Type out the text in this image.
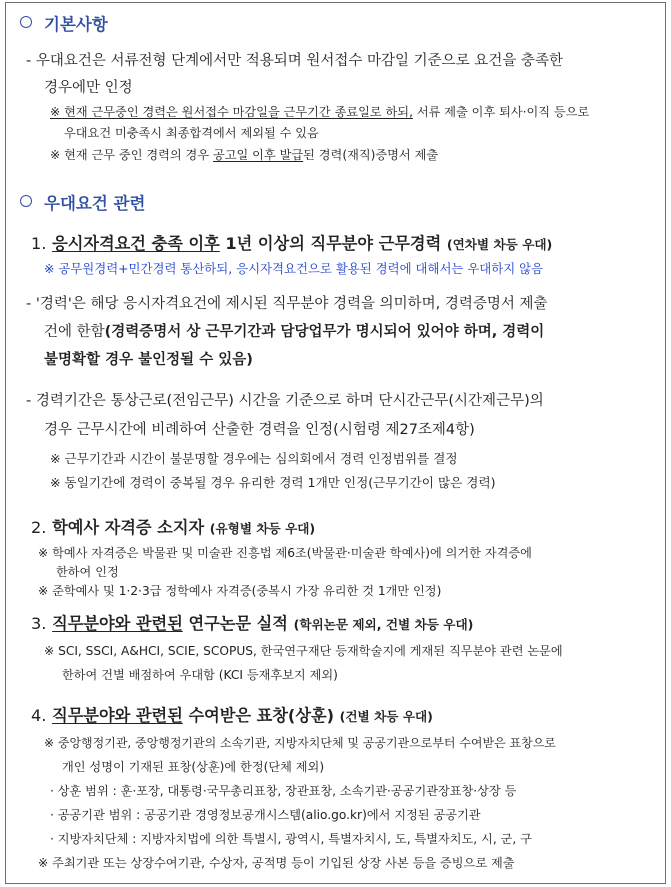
기본사항
- 우대요건은 서류전형 단계에서만 적용되며 원서접수 마감일 기준으로 요건을 충족한
경우에만 인정
※ 현재 근무중인 경력은 원서접수 마감일을 근무기간 종료일로 하되, 서류 제출 이후 퇴사·이직 등으로
우대요건 미충족시 최종합격에서 제외될 수 있음
※ 현재 근무 중인 경력의 경우 공고일 이후 발급된 경력(재직)증명서 제출
우대요건 관련
1. 응시자격요건 충족 이후 1년 이상의 직무분야 근무경력 (연차별 차등 우대)
※ 공무원경력+민간경력 통산하되, 응시자격요건으로 활용된 경력에 대해서는 우대하지 않음
- '경력'은 해당 응시자격요건에 제시된 직무분야 경력을 의미하며, 경력증명서 제출
건에 한함(경력증명서 상 근무기간과 담당업무가 명시되어 있어야 하며, 경력이
불명확할 경우 불인정될 수 있음)
- 경력기간은 통상근로(전임근무) 시간을 기준으로 하며 단시간근무(시간제근무)의
경우 근무시간에 비례하여 산출한 경력을 인정(시험령 제27조제4항)
※ 근무기간과 시간이 불분명할 경우에는 심의회에서 경력 인정범위를 결정
※ 동일기간에 경력이 중복될 경우 유리한 경력 1개만 인정(근무기간이 많은 경력)
2. 학예사 자격증 소지자 (유형별 차등 우대)
※ 학예사 자격증은 박물관 및 미술관 진흥법 제6조(박물관·미술관 학예사)에 의거한 자격증에
한하여 인정
※ 준학예사 및 1·2·3급 정학예사 자격증(중복시 가장 유리한 것 1개만 인정)
3. 직무분야와 관련된 연구논문 실적 (학위논문 제외, 건별 차등 우대)
※ SCI, SSCI, A&HCI, SCIE, SCOPUS, 한국연구재단 등재학술지에 게재된 직무분야 관련 논문에
한하여 건별 배점하여 우대함 (KCI 등재후보지 제외)
4. 직무분야와 관련된 수여받은 표창(상훈) (건별 차등 우대)
※ 중앙행정기관, 중앙행정기관의 소속기관, 지방자치단체 및 공공기관으로부터 수여받은 표창으로
개인 성명이 기재된 표창(상훈)에 한정(단체 제외)
· 상훈 범위 : 훈·포장, 대통령·국무총리표창, 장관표창, 소속기관·공공기관장표창·상장 등
· 공공기관 범위 : 공공기관 경영정보공개시스템(alio.go.kr)에서 지정된 공공기관
· 지방자치단체 : 지방자치법에 의한 특별시, 광역시, 특별자치시, 도, 특별자치도, 시, 군, 구
※ 주최기관 또는 상장수여기관, 수상자, 공적명 등이 기입된 상장 사본 등을 증빙으로 제출
